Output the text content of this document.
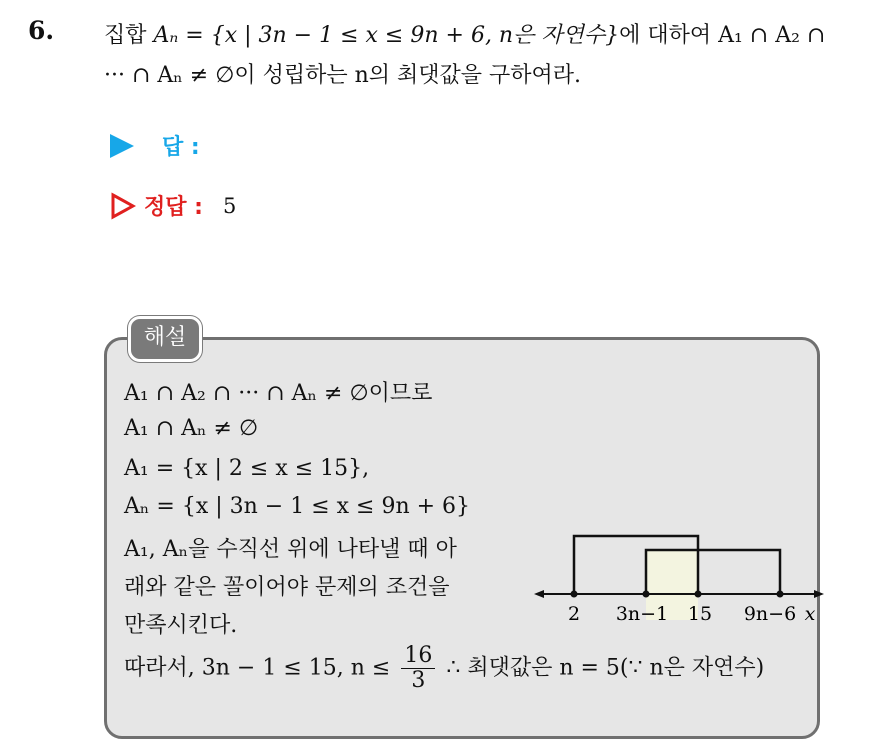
6. 집합 Aₙ = {x | 3n − 1 ≤ x ≤ 9n + 6, n은 자연수}에 대하여 A₁ ∩ A₂ ∩
··· ∩ Aₙ ≠ ∅이 성립하는 n의 최댓값을 구하여라.
답 :
정답 : 5
해설
A₁ ∩ A₂ ∩ ··· ∩ Aₙ ≠ ∅이므로
A₁ ∩ Aₙ ≠ ∅
A₁ = {x | 2 ≤ x ≤ 15},
Aₙ = {x | 3n − 1 ≤ x ≤ 9n + 6}
A₁, Aₙ을 수직선 위에 나타낼 때 아
래와 같은 꼴이어야 문제의 조건을
만족시킨다.
따라서, 3n − 1 ≤ 15, $n \le \frac{16}{3}$ ∴ 최댓값은 n = 5(∵ n은 자연수)
2 3n−1 15 9n−6 x
